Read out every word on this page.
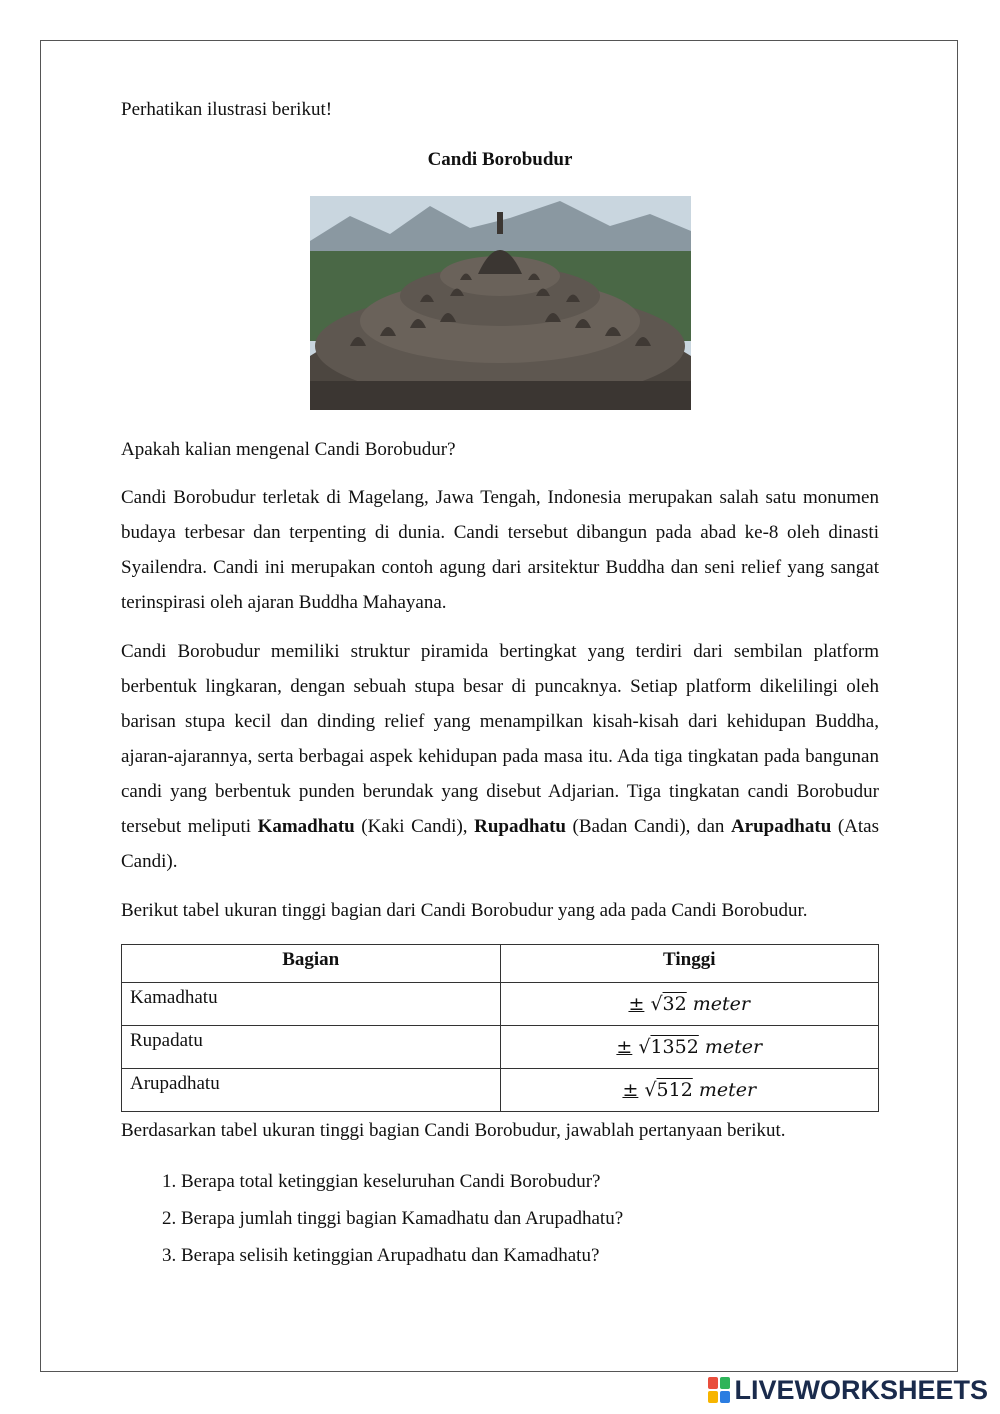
Perhatikan ilustrasi berikut!

Candi Borobudur

Apakah kalian mengenal Candi Borobudur?

Candi Borobudur terletak di Magelang, Jawa Tengah, Indonesia merupakan salah satu monumen budaya terbesar dan terpenting di dunia. Candi tersebut dibangun pada abad ke-8 oleh dinasti Syailendra. Candi ini merupakan contoh agung dari arsitektur Buddha dan seni relief yang sangat terinspirasi oleh ajaran Buddha Mahayana.

Candi Borobudur memiliki struktur piramida bertingkat yang terdiri dari sembilan platform berbentuk lingkaran, dengan sebuah stupa besar di puncaknya. Setiap platform dikelilingi oleh barisan stupa kecil dan dinding relief yang menampilkan kisah-kisah dari kehidupan Buddha, ajaran-ajarannya, serta berbagai aspek kehidupan pada masa itu. Ada tiga tingkatan pada bangunan candi yang berbentuk punden berundak yang disebut Adjarian. Tiga tingkatan candi Borobudur tersebut meliputi Kamadhatu (Kaki Candi), Rupadhatu (Badan Candi), dan Arupadhatu (Atas Candi).

Berikut tabel ukuran tinggi bagian dari Candi Borobudur yang ada pada Candi Borobudur.

Bagian	Tinggi
Kamadhatu	± √32 meter
Rupadatu	± √1352 meter
Arupadhatu	± √512 meter

Berdasarkan tabel ukuran tinggi bagian Candi Borobudur, jawablah pertanyaan berikut.

1. Berapa total ketinggian keseluruhan Candi Borobudur?
2. Berapa jumlah tinggi bagian Kamadhatu dan Arupadhatu?
3. Berapa selisih ketinggian Arupadhatu dan Kamadhatu?
LIVEWORKSHEETS
